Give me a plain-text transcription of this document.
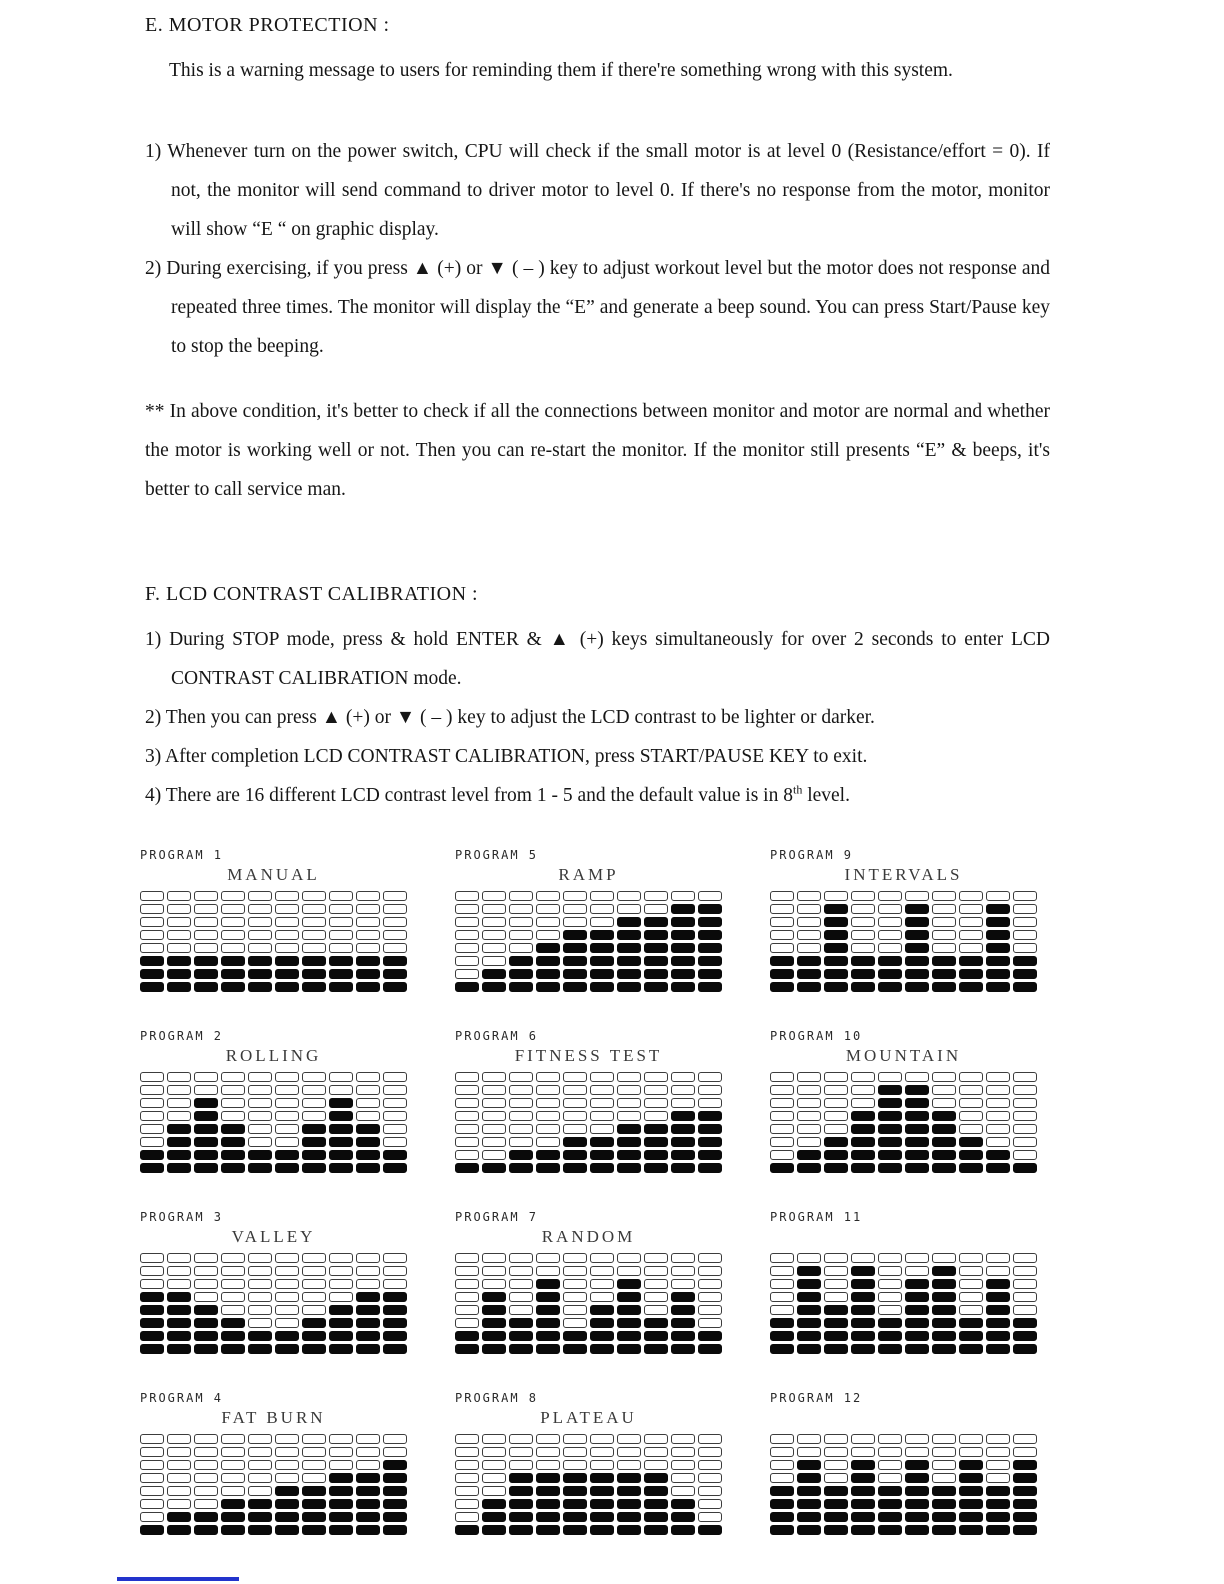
E. MOTOR PROTECTION :

This is a warning message to users for reminding them if there're something wrong with this system.

1) Whenever turn on the power switch, CPU will check if the small motor is at level 0 (Resistance/effort = 0). If not, the monitor will send command to driver motor to level 0. If there's no response from the motor, monitor will show “E “ on graphic display.

2) During exercising, if you press ▲ (+) or ▼ ( – ) key to adjust workout level but the motor does not response and repeated three times. The monitor will display the “E” and generate a beep sound. You can press Start/Pause key to stop the beeping.

** In above condition, it's better to check if all the connections between monitor and motor are normal and whether the motor is working well or not. Then you can re-start the monitor. If the monitor still presents “E” & beeps, it's better to call service man.

F. LCD CONTRAST CALIBRATION :

1) During STOP mode, press & hold ENTER & ▲ (+) keys simultaneously for over 2 seconds to enter LCD CONTRAST CALIBRATION mode.

2) Then you can press ▲ (+) or ▼ ( – ) key to adjust the LCD contrast to be lighter or darker.

3) After completion LCD CONTRAST CALIBRATION, press START/PAUSE KEY to exit.

4) There are 16 different LCD contrast level from 1 - 5 and the default value is in 8th level.

PROGRAM 1
MANUAL
PROGRAM 5
RAMP
PROGRAM 9
INTERVALS
PROGRAM 2
ROLLING
PROGRAM 6
FITNESS TEST
PROGRAM 10
MOUNTAIN
PROGRAM 3
VALLEY
PROGRAM 7
RANDOM
PROGRAM 11
PROGRAM 4
FAT BURN
PROGRAM 8
PLATEAU
PROGRAM 12
